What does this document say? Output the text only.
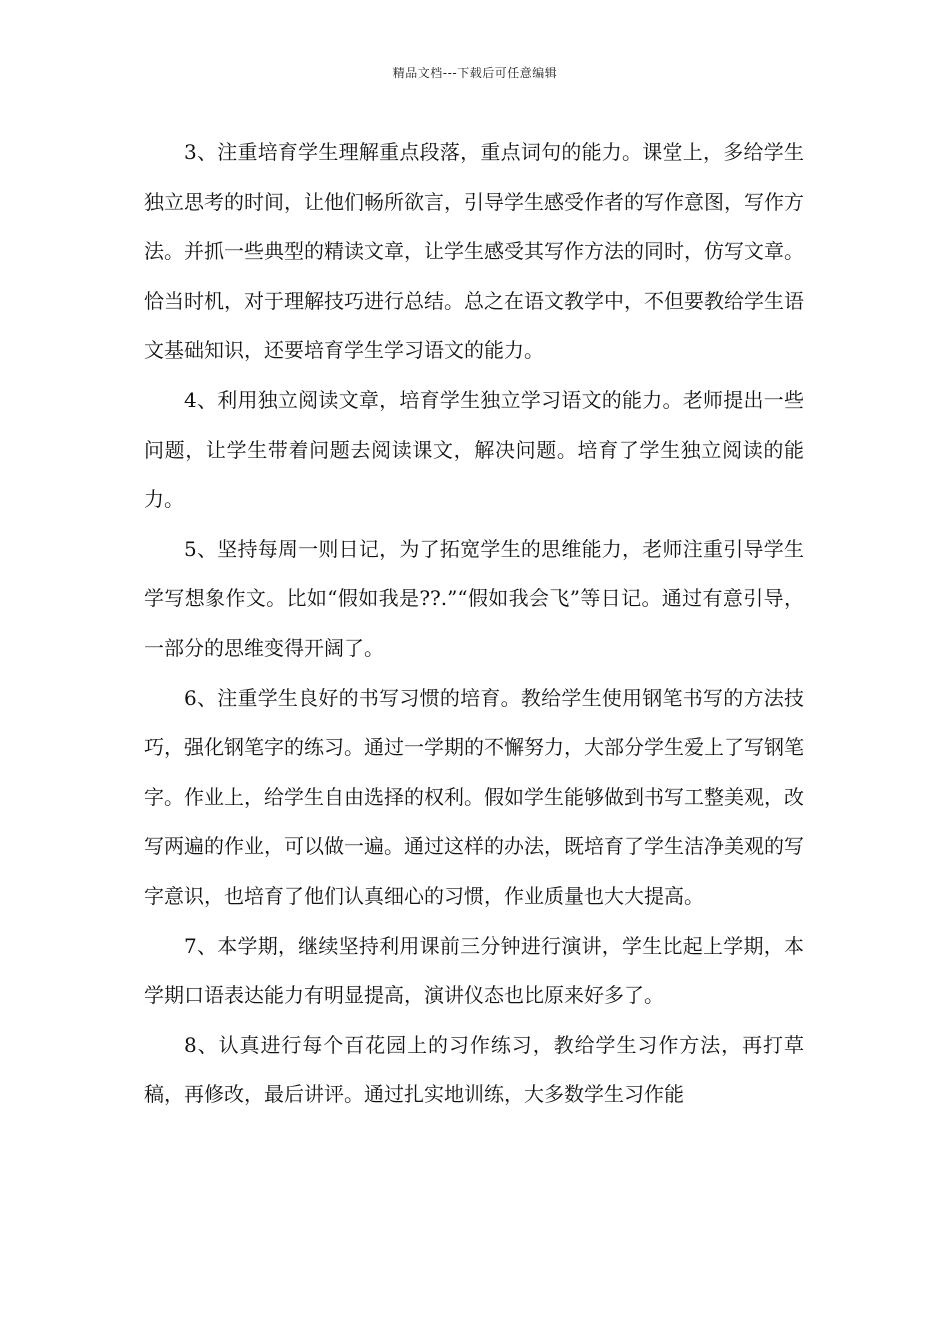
精品文档---下载后可任意编辑

3、注重培育学生理解重点段落，重点词句的能力。课堂上，多给学生独立思考的时间，让他们畅所欲言，引导学生感受作者的写作意图，写作方法。并抓一些典型的精读文章，让学生感受其写作方法的同时，仿写文章。恰当时机，对于理解技巧进行总结。总之在语文教学中，不但要教给学生语文基础知识，还要培育学生学习语文的能力。

4、利用独立阅读文章，培育学生独立学习语文的能力。老师提出一些问题，让学生带着问题去阅读课文，解决问题。培育了学生独立阅读的能力。

5、坚持每周一则日记，为了拓宽学生的思维能力，老师注重引导学生学写想象作文。比如“假如我是??.”“假如我会飞”等日记。通过有意引导，一部分的思维变得开阔了。

6、注重学生良好的书写习惯的培育。教给学生使用钢笔书写的方法技巧，强化钢笔字的练习。通过一学期的不懈努力，大部分学生爱上了写钢笔字。作业上，给学生自由选择的权利。假如学生能够做到书写工整美观，改写两遍的作业，可以做一遍。通过这样的办法，既培育了学生洁净美观的写字意识，也培育了他们认真细心的习惯，作业质量也大大提高。

7、本学期，继续坚持利用课前三分钟进行演讲，学生比起上学期，本学期口语表达能力有明显提高，演讲仪态也比原来好多了。

8、认真进行每个百花园上的习作练习，教给学生习作方法，再打草稿，再修改，最后讲评。通过扎实地训练，大多数学生习作能
